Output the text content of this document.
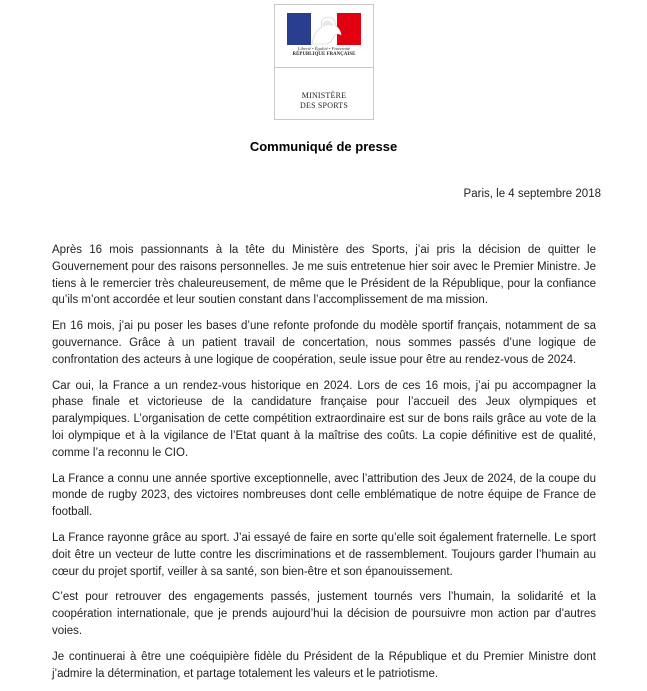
Liberté • Égalité • Fraternité
RÉPUBLIQUE FRANÇAISE
MINISTÈRE
DES SPORTS
Communiqué de presse
Paris, le 4 septembre 2018

Après 16 mois passionnants à la tête du Ministère des Sports, j’ai pris la décision de quitter le Gouvernement pour des raisons personnelles. Je me suis entretenue hier soir avec le Premier Ministre. Je tiens à le remercier très chaleureusement, de même que le Président de la République, pour la confiance qu’ils m’ont accordée et leur soutien constant dans l’accomplissement de ma mission.

En 16 mois, j’ai pu poser les bases d’une refonte profonde du modèle sportif français, notamment de sa gouvernance. Grâce à un patient travail de concertation, nous sommes passés d’une logique de confrontation des acteurs à une logique de coopération, seule issue pour être au rendez-vous de 2024.

Car oui, la France a un rendez-vous historique en 2024. Lors de ces 16 mois, j’ai pu accompagner la phase finale et victorieuse de la candidature française pour l’accueil des Jeux olympiques et paralympiques. L’organisation de cette compétition extraordinaire est sur de bons rails grâce au vote de la loi olympique et à la vigilance de l’Etat quant à la maîtrise des coûts. La copie définitive est de qualité, comme l’a reconnu le CIO.

La France a connu une année sportive exceptionnelle, avec l’attribution des Jeux de 2024, de la coupe du monde de rugby 2023, des victoires nombreuses dont celle emblématique de notre équipe de France de football.

La France rayonne grâce au sport. J’ai essayé de faire en sorte qu’elle soit également fraternelle. Le sport doit être un vecteur de lutte contre les discriminations et de rassemblement. Toujours garder l’humain au cœur du projet sportif, veiller à sa santé, son bien-être et son épanouissement.

C’est pour retrouver des engagements passés, justement tournés vers l’humain, la solidarité et la coopération internationale, que je prends aujourd’hui la décision de poursuivre mon action par d’autres voies.

Je continuerai à être une coéquipière fidèle du Président de la République et du Premier Ministre dont j’admire la détermination, et partage totalement les valeurs et le patriotisme.
